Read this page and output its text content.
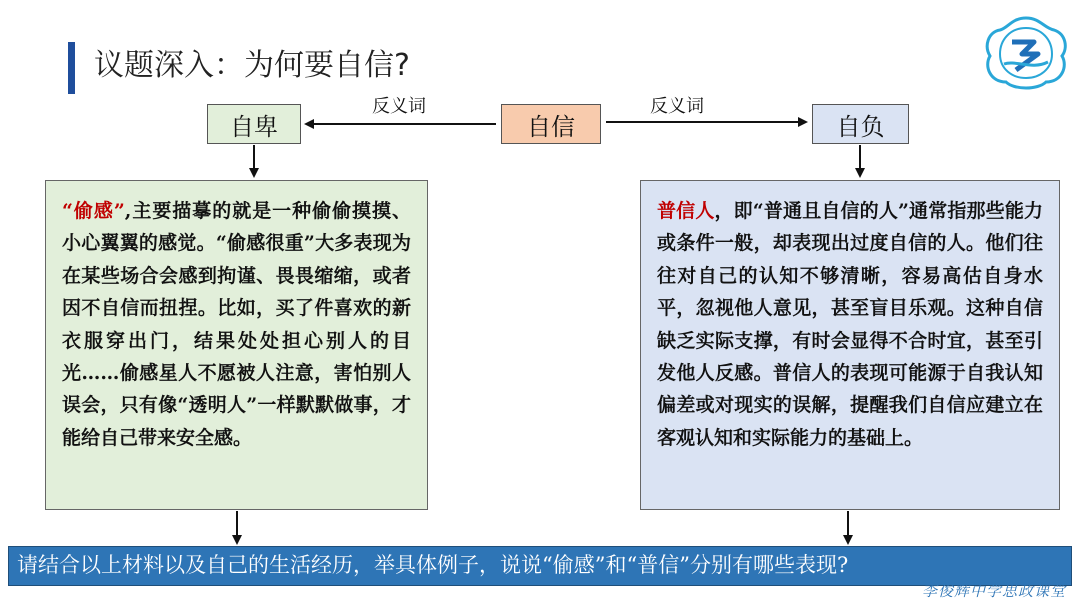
议题深入：为何要自信?
自卑	自信	自负
反义词	反义词
“偷感”,主要描摹的就是一种偷偷摸摸、小心翼翼的感觉。“偷感很重”大多表现为在某些场合会感到拘谨、畏畏缩缩，或者因不自信而扭捏。比如，买了件喜欢的新衣服穿出门，结果处处担心别人的目光……偷感星人不愿被人注意，害怕别人误会，只有像“透明人”一样默默做事，才能给自己带来安全感。
普信人，即“普通且自信的人”通常指那些能力或条件一般，却表现出过度自信的人。他们往往对自己的认知不够清晰，容易高估自身水平，忽视他人意见，甚至盲目乐观。这种自信缺乏实际支撑，有时会显得不合时宜，甚至引发他人反感。普信人的表现可能源于自我认知偏差或对现实的误解，提醒我们自信应建立在客观认知和实际能力的基础上。
请结合以上材料以及自己的生活经历，举具体例子，说说“偷感”和“普信”分别有哪些表现?
李俊辉中学思政课堂
